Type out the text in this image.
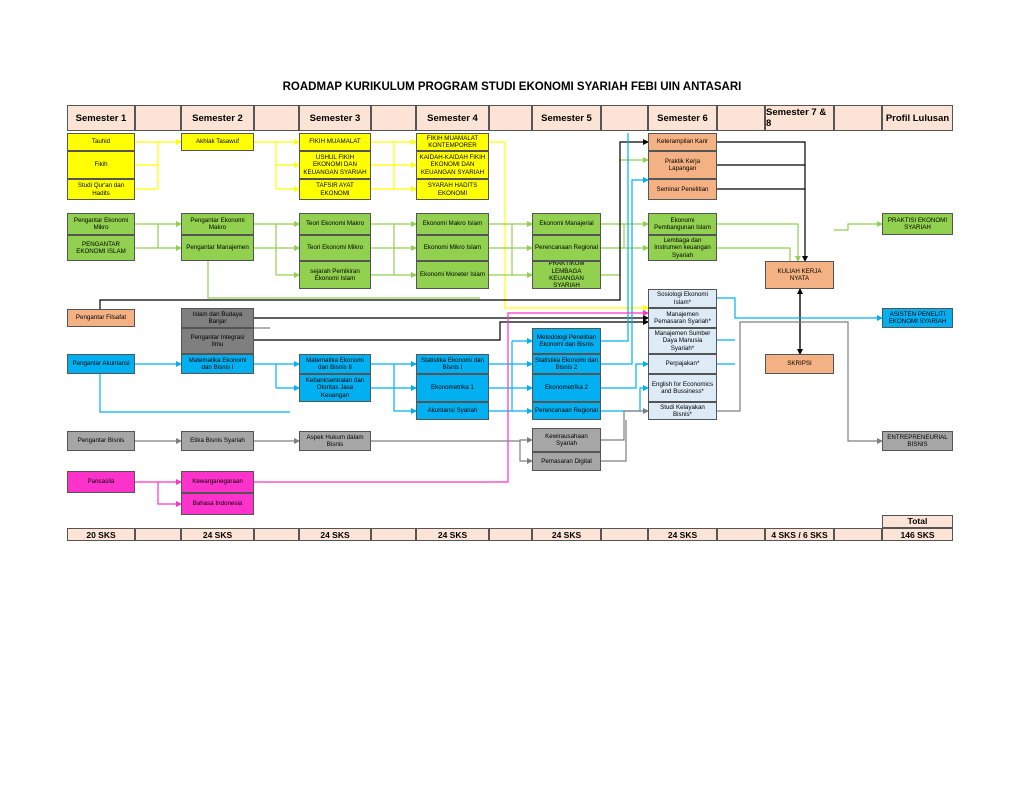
ROADMAP KURIKULUM PROGRAM STUDI EKONOMI SYARIAH FEBI UIN ANTASARI
Semester 1	Semester 2	Semester 3	Semester 4	Semester 5	Semester 6	Semester 7 & 8	Profil Lulusan
Tauhid
Fikih
Studi Qur'an dan Hadits
Pengantar Ekonomi Mikro
PENGANTAR EKONOMI ISLAM
Pengantar Filsafat
Pengantar Akuntansi
Pengantar Bisnis
Pancasila
Akhlak Tasawuf
Pengantar Ekonomi Makro
Pengantar Manajemen
Islam dan Budaya Banjar
Pengantar Integrasi Ilmu
Matematika Ekonomi dan Bisnis I
Etika Bisnis Syariah
Kewarganegaraan
Bahasa Indonesia
FIKIH MUAMALAT
USHUL FIKIH EKONOMI DAN KEUANGAN SYARIAH
TAFSIR AYAT EKONOMI
Teori Ekonomi Makro
Teori Ekonomi Mikro
sejarah Pemikiran Ekonomi Islam
Matematika Ekonomi dan Bisnis II
Kebanksentralan dan Otoritas Jasa Keuangan
Aspek Hukum dalam Bisnis
FIKIH MUAMALAT KONTEMPORER
KAIDAH-KAIDAH FIKIH EKONOMI DAN KEUANGAN SYARIAH
SYARAH HADITS EKONOMI
Ekonomi Makro Islam
Ekonomi Mikro Islam
Ekonomi Moneter Islam
Statistika Ekonomi dan Bisnis I
Ekonometrika 1
Akuntansi Syariah
Ekonomi Manajerial
Perencanaan Regional
PRAKTIKUM LEMBAGA KEUANGAN SYARIAH
Metodologi Penelitian Ekonomi dan Bisnis
Statistika Ekonomi dan Bisnis 2
Ekonometrika 2
Perencanaan Regional
Kewirausahaan Syariah
Pemasaran Digital
Keterampilan Karir
Praktik Kerja Lapangan
Seminar Penelitian
Ekonomi Pembangunan Islam
Lembaga dan Instrumen keuangan Syariah
Sosiologi Ekonomi Islam*
Manajemen Pemasaran Syariah*
Manajemen Sumber Daya Manusia Syariah*
Perpajakan*
English for Economics and Bussiness*
Studi Kelayakan Bisnis*
KULIAH KERJA NYATA
SKRIPSI
PRAKTISI EKONOMI SYARIAH
ASISTEN PENELITI EKONOMI SYARIAH
ENTREPRENEURIAL BISNIS
Total
20 SKS	24 SKS	24 SKS	24 SKS	24 SKS	24 SKS	4 SKS / 6 SKS	146 SKS
